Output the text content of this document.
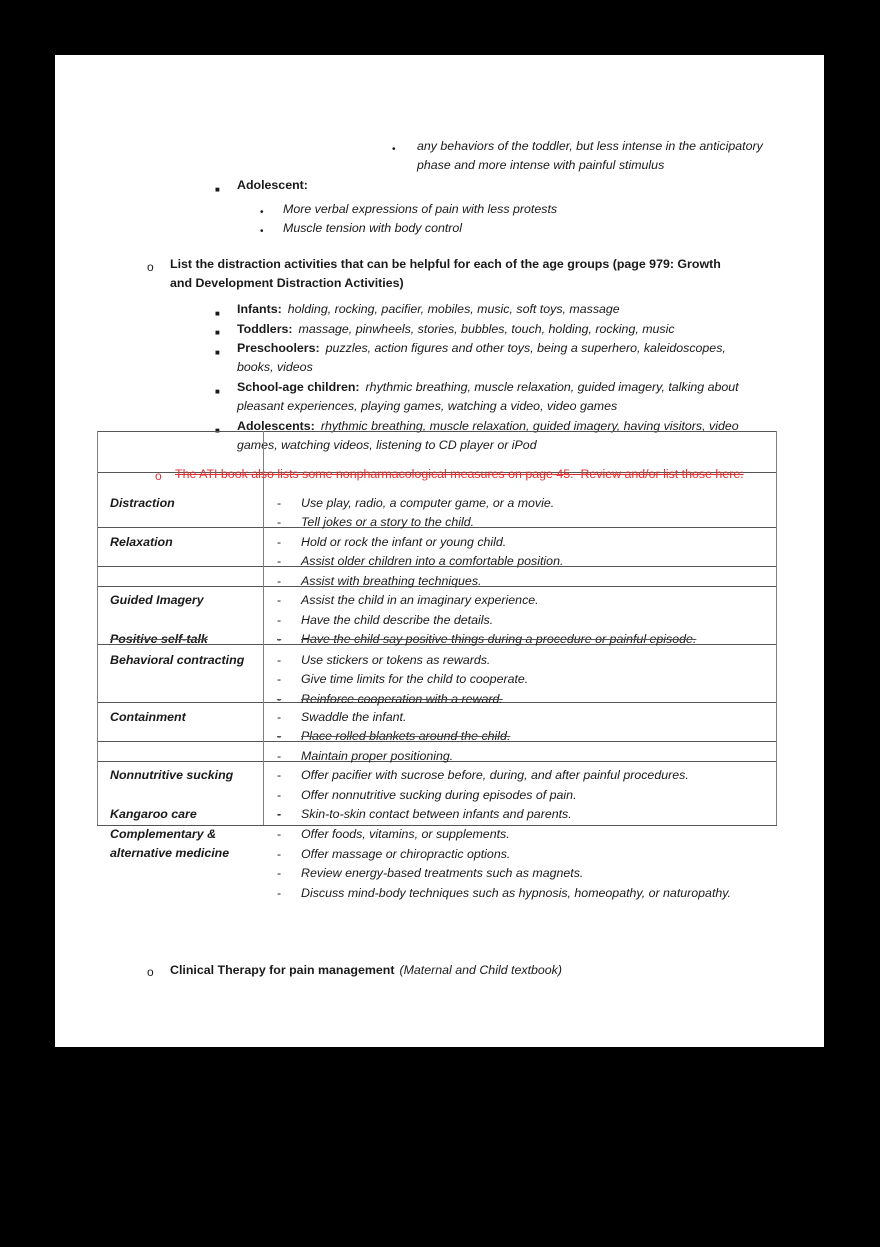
• any behaviors of the toddler, but less intense in the anticipatory phase and more intense with painful stimulus
■ Adolescent:
• More verbal expressions of pain with less protests
• Muscle tension with body control
o List the distraction activities that can be helpful for each of the age groups (page 979: Growth and Development Distraction Activities)
■ Infants: holding, rocking, pacifier, mobiles, music, soft toys, massage
■ Toddlers: massage, pinwheels, stories, bubbles, touch, holding, rocking, music
■ Preschoolers: puzzles, action figures and other toys, being a superhero, kaleidoscopes, books, videos
■ School-age children: rhythmic breathing, muscle relaxation, guided imagery, talking about pleasant experiences, playing games, watching a video, video games
■ Adolescents: rhythmic breathing, muscle relaxation, guided imagery, having visitors, video games, watching videos, listening to CD player or iPod
o The ATI book also lists some nonpharmacological measures on page 45.  Review and/or list those here:
Distraction	- Use play, radio, a computer game, or a movie.
- Tell jokes or a story to the child.
Relaxation	- Hold or rock the infant or young child.
- Assist older children into a comfortable position.
- Assist with breathing techniques.
Guided Imagery	- Assist the child in an imaginary experience.
- Have the child describe the details.
Positive self-talk	- Have the child say positive things during a procedure or painful episode.
Behavioral contracting	- Use stickers or tokens as rewards.
- Give time limits for the child to cooperate.
- Reinforce cooperation with a reward.
Containment	- Swaddle the infant.
- Place rolled blankets around the child.
- Maintain proper positioning.
Nonnutritive sucking	- Offer pacifier with sucrose before, during, and after painful procedures.
- Offer nonnutritive sucking during episodes of pain.
Kangaroo care	- Skin-to-skin contact between infants and parents.
Complementary & alternative medicine
- Offer foods, vitamins, or supplements.
- Offer massage or chiropractic options.
- Review energy-based treatments such as magnets.
- Discuss mind-body techniques such as hypnosis, homeopathy, or naturopathy.
o Clinical Therapy for pain management (Maternal and Child textbook)
